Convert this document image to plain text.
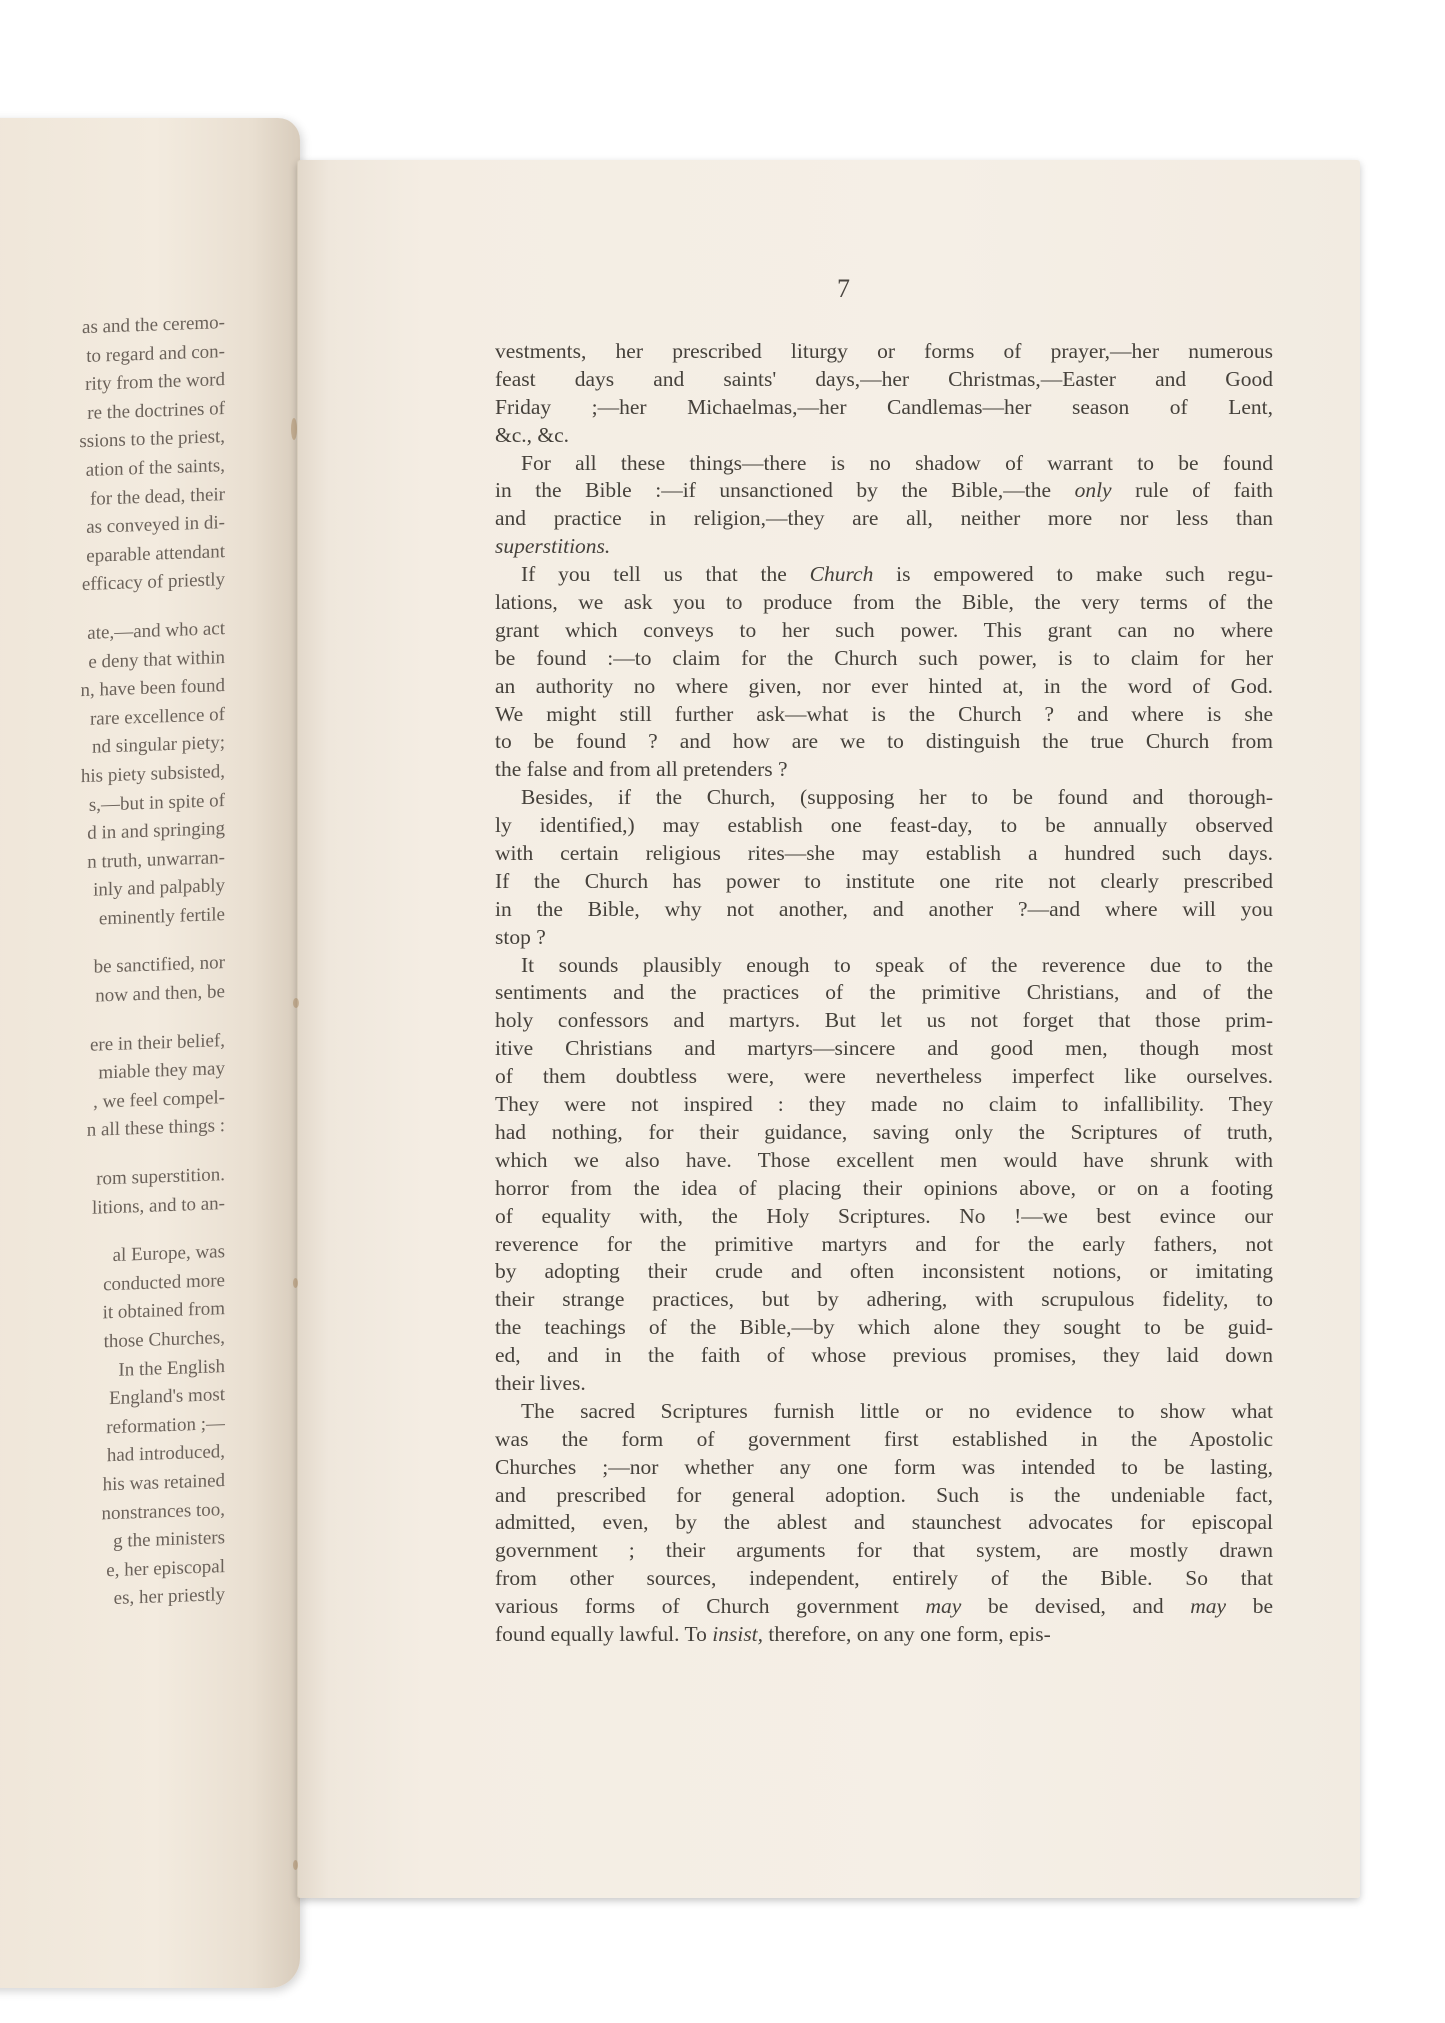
as and the ceremo-
to regard and con-
rity from the word
re the doctrines of
ssions to the priest,
ation of the saints,
for the dead, their
as conveyed in di-
eparable attendant
efficacy of priestly
ate,—and who act
e deny that within
n, have been found
rare excellence of
nd singular piety;
his piety subsisted,
s,—but in spite of
d in and springing
n truth, unwarran-
inly and palpably
eminently fertile
be sanctified, nor
now and then, be
ere in their belief,
miable they may
, we feel compel-
n all these things :
rom superstition.
litions, and to an-
al Europe, was
conducted more
it obtained from
those Churches,
In the English
England's most
reformation ;—
had introduced,
his was retained
nonstrances too,
g the ministers
e, her episcopal
es, her priestly
7
vestments, her prescribed liturgy or forms of prayer,—her numerous
feast days and saints' days,—her Christmas,—Easter and Good
Friday ;—her Michaelmas,—her Candlemas—her season of Lent,
&c., &c.
For all these things—there is no shadow of warrant to be found
in the Bible :—if unsanctioned by the Bible,—the only rule of faith
and practice in religion,—they are all, neither more nor less than
superstitions.
If you tell us that the Church is empowered to make such regu-
lations, we ask you to produce from the Bible, the very terms of the
grant which conveys to her such power. This grant can no where
be found :—to claim for the Church such power, is to claim for her
an authority no where given, nor ever hinted at, in the word of God.
We might still further ask—what is the Church ? and where is she
to be found ? and how are we to distinguish the true Church from
the false and from all pretenders ?
Besides, if the Church, (supposing her to be found and thorough-
ly identified,) may establish one feast-day, to be annually observed
with certain religious rites—she may establish a hundred such days.
If the Church has power to institute one rite not clearly prescribed
in the Bible, why not another, and another ?—and where will you
stop ?
It sounds plausibly enough to speak of the reverence due to the
sentiments and the practices of the primitive Christians, and of the
holy confessors and martyrs. But let us not forget that those prim-
itive Christians and martyrs—sincere and good men, though most
of them doubtless were, were nevertheless imperfect like ourselves.
They were not inspired : they made no claim to infallibility. They
had nothing, for their guidance, saving only the Scriptures of truth,
which we also have. Those excellent men would have shrunk with
horror from the idea of placing their opinions above, or on a footing
of equality with, the Holy Scriptures. No !—we best evince our
reverence for the primitive martyrs and for the early fathers, not
by adopting their crude and often inconsistent notions, or imitating
their strange practices, but by adhering, with scrupulous fidelity, to
the teachings of the Bible,—by which alone they sought to be guid-
ed, and in the faith of whose previous promises, they laid down
their lives.
The sacred Scriptures furnish little or no evidence to show what
was the form of government first established in the Apostolic
Churches ;—nor whether any one form was intended to be lasting,
and prescribed for general adoption. Such is the undeniable fact,
admitted, even, by the ablest and staunchest advocates for episcopal
government ; their arguments for that system, are mostly drawn
from other sources, independent, entirely of the Bible. So that
various forms of Church government may be devised, and may be
found equally lawful. To insist, therefore, on any one form, epis-
